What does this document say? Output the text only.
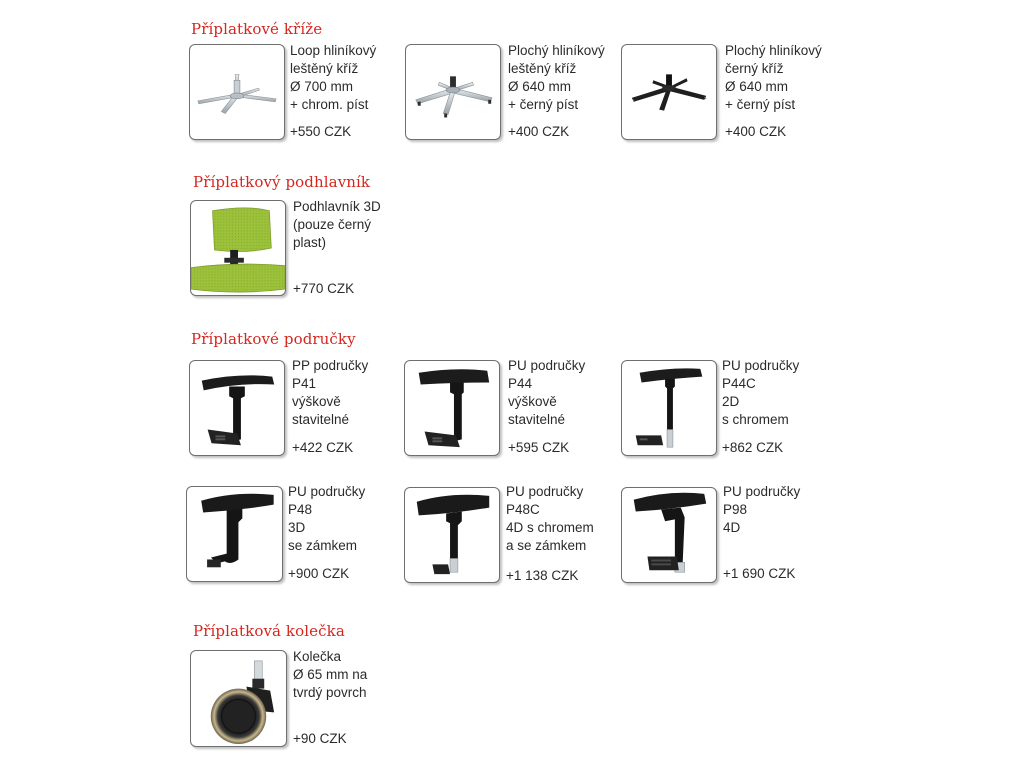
Příplatkové kříže
Loop hliníkový
leštěný kříž
Ø 700 mm
+ chrom. píst
+550 CZK
Plochý hliníkový
leštěný kříž
Ø 640 mm
+ černý píst
+400 CZK
Plochý hliníkový
černý kříž
Ø 640 mm
+ černý píst
+400 CZK
Příplatkový podhlavník
Podhlavník 3D
(pouze černý
plast)
+770 CZK
Příplatkové područky
PP područky
P41
výškově
stavitelné
+422 CZK
PU područky
P44
výškově
stavitelné
+595 CZK
PU područky
P44C
2D
s chromem
+862 CZK
PU područky
P48
3D
se zámkem
+900 CZK
PU područky
P48C
4D s chromem
a se zámkem
+1 138 CZK
PU područky
P98
4D
+1 690 CZK
Příplatková kolečka
Kolečka
Ø 65 mm na
tvrdý povrch
+90 CZK
